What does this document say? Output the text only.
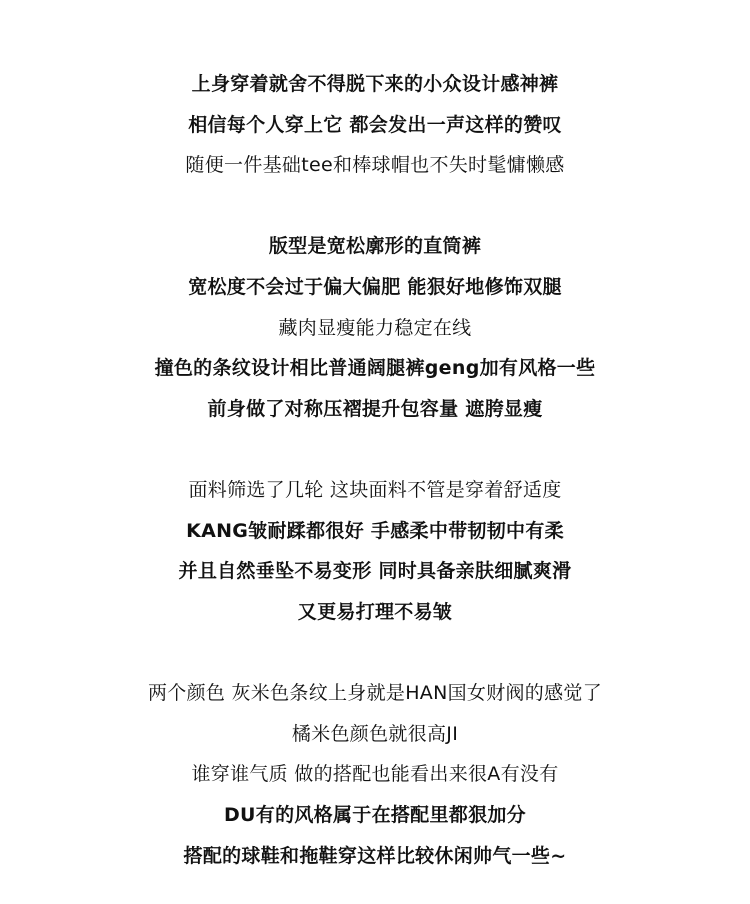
上身穿着就舍不得脱下来的小众设计感神裤
相信每个人穿上它 都会发出一声这样的赞叹
随便一件基础tee和棒球帽也不失时髦慵懒感
版型是宽松廓形的直筒裤
宽松度不会过于偏大偏肥 能狠好地修饰双腿
藏肉显瘦能力稳定在线
撞色的条纹设计相比普通阔腿裤geng加有风格一些
前身做了对称压褶提升包容量 遮胯显瘦
面料筛选了几轮 这块面料不管是穿着舒适度
KANG皱耐蹂都很好 手感柔中带韧韧中有柔
并且自然垂坠不易变形 同时具备亲肤细腻爽滑
又更易打理不易皱
两个颜色 灰米色条纹上身就是HAN国女财阀的感觉了
橘米色颜色就很高JI
谁穿谁气质 做的搭配也能看出来很A有没有
DU有的风格属于在搭配里都狠加分
搭配的球鞋和拖鞋穿这样比较休闲帅气一些~
